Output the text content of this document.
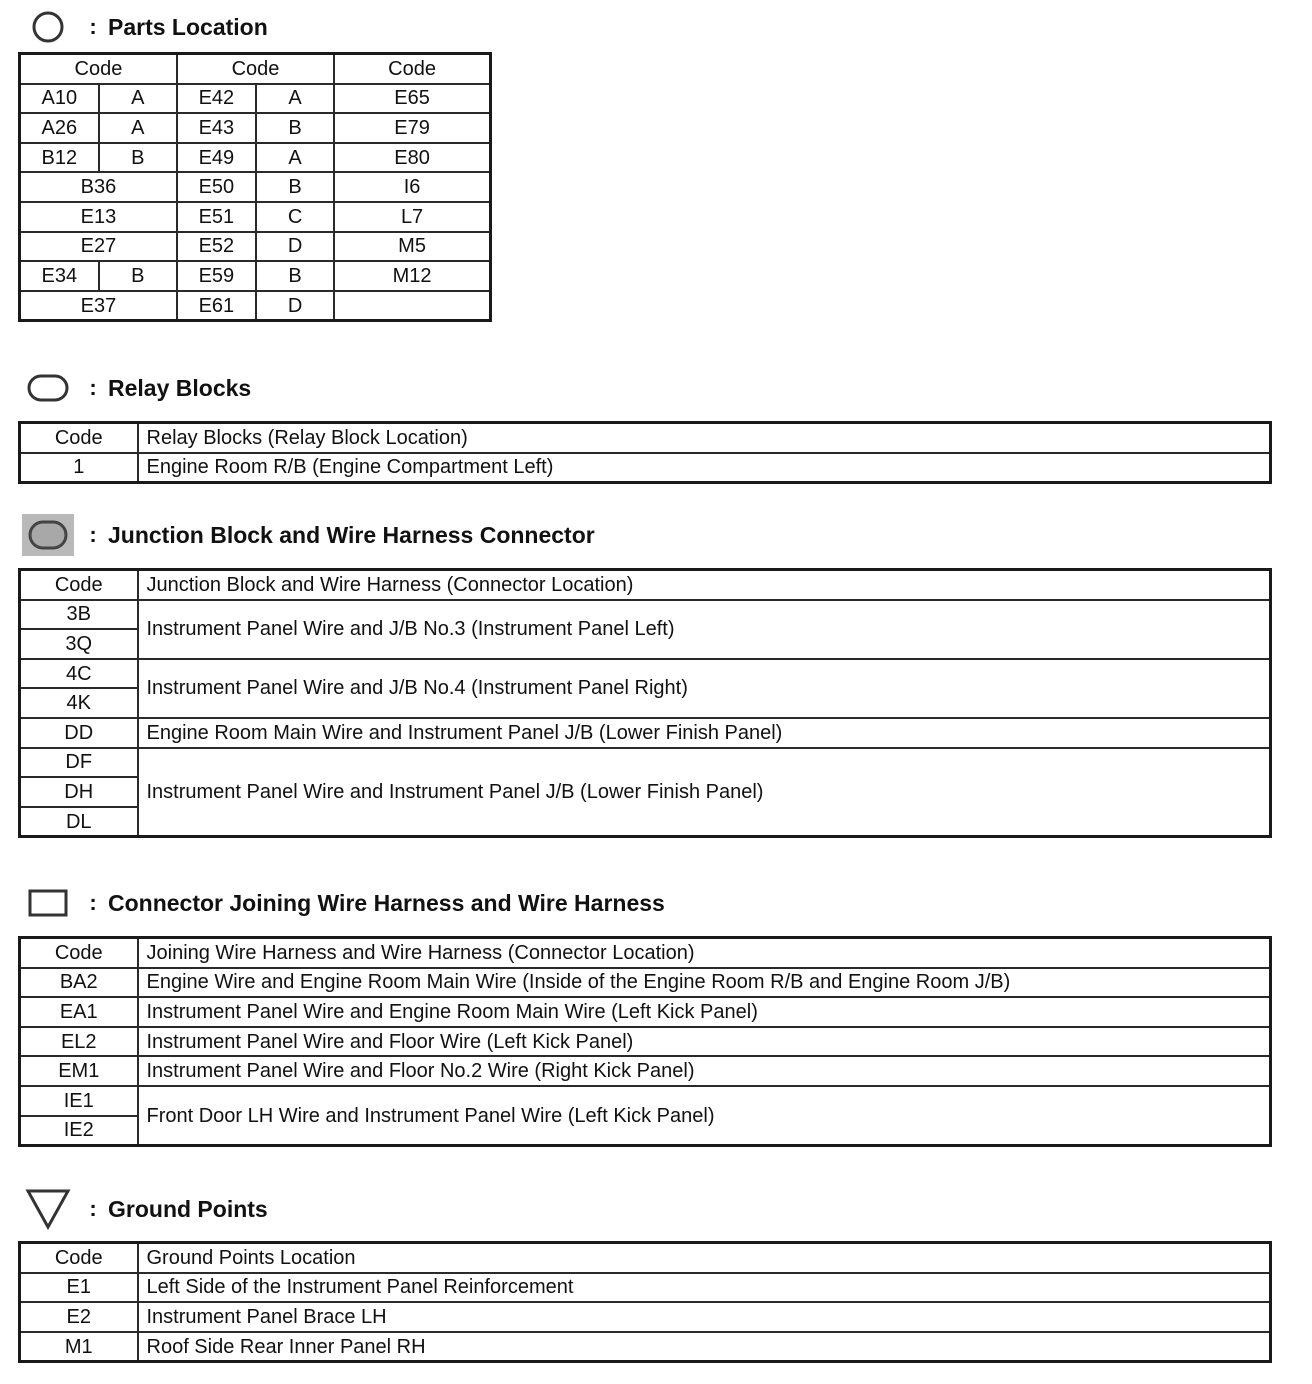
: Parts Location
Code		Code		Code
A10	A	E42	A	E65
A26	A	E43	B	E79
B12	B	E49	A	E80
B36		E50	B	I6
E13		E51	C	L7
E27		E52	D	M5
E34	B	E59	B	M12
E37		E61	D	
: Relay Blocks
Code	Relay Blocks (Relay Block Location)
1	Engine Room R/B (Engine Compartment Left)
: Junction Block and Wire Harness Connector
Code	Junction Block and Wire Harness (Connector Location)
3B	Instrument Panel Wire and J/B No.3 (Instrument Panel Left)
3Q	
4C	Instrument Panel Wire and J/B No.4 (Instrument Panel Right)
4K	
DD	Engine Room Main Wire and Instrument Panel J/B (Lower Finish Panel)
DF	Instrument Panel Wire and Instrument Panel J/B (Lower Finish Panel)
DH	
DL	
: Connector Joining Wire Harness and Wire Harness
Code	Joining Wire Harness and Wire Harness (Connector Location)
BA2	Engine Wire and Engine Room Main Wire (Inside of the Engine Room R/B and Engine Room J/B)
EA1	Instrument Panel Wire and Engine Room Main Wire (Left Kick Panel)
EL2	Instrument Panel Wire and Floor Wire (Left Kick Panel)
EM1	Instrument Panel Wire and Floor No.2 Wire (Right Kick Panel)
IE1	Front Door LH Wire and Instrument Panel Wire (Left Kick Panel)
IE2	
: Ground Points
Code	Ground Points Location
E1	Left Side of the Instrument Panel Reinforcement
E2	Instrument Panel Brace LH
M1	Roof Side Rear Inner Panel RH
